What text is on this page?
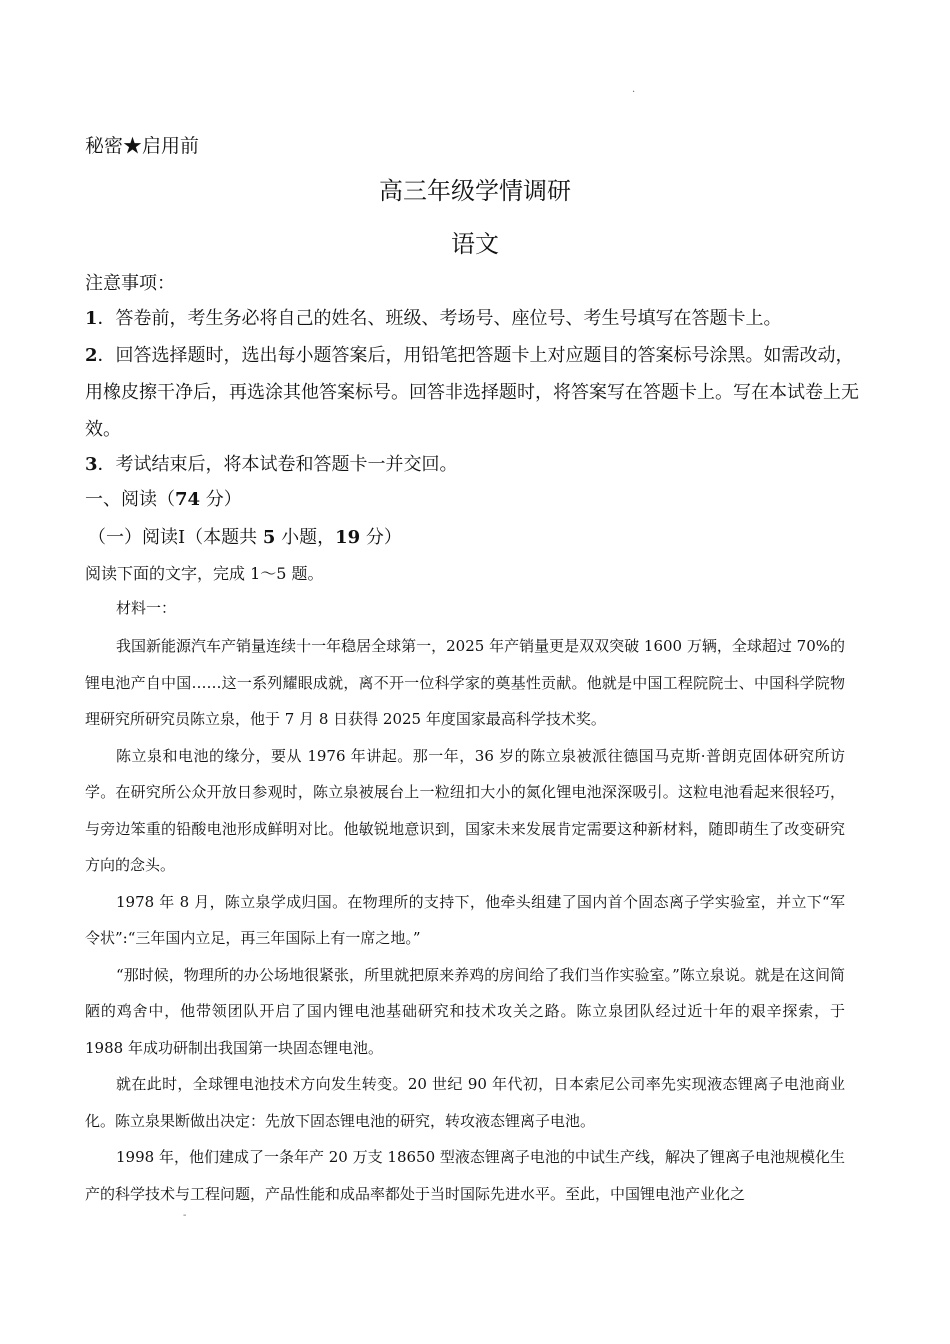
.
秘密★启用前
高三年级学情调研
语文
注意事项：
1．答卷前，考生务必将自己的姓名、班级、考场号、座位号、考生号填写在答题卡上。
2．回答选择题时，选出每小题答案后，用铅笔把答题卡上对应题目的答案标号涂黑。如需改动，用橡皮擦干净后，再选涂其他答案标号。回答非选择题时，将答案写在答题卡上。写在本试卷上无效。
3．考试结束后，将本试卷和答题卡一并交回。
一、阅读（74 分）
（一）阅读Ⅰ（本题共 5 小题，19 分）
阅读下面的文字，完成 1～5 题。
材料一：

我国新能源汽车产销量连续十一年稳居全球第一，2025 年产销量更是双双突破 1600 万辆，全球超过 70%的锂电池产自中国……这一系列耀眼成就，离不开一位科学家的奠基性贡献。他就是中国工程院院士、中国科学院物理研究所研究员陈立泉，他于 7 月 8 日获得 2025 年度国家最高科学技术奖。

陈立泉和电池的缘分，要从 1976 年讲起。那一年，36 岁的陈立泉被派往德国马克斯·普朗克固体研究所访学。在研究所公众开放日参观时，陈立泉被展台上一粒纽扣大小的氮化锂电池深深吸引。这粒电池看起来很轻巧，与旁边笨重的铅酸电池形成鲜明对比。他敏锐地意识到，国家未来发展肯定需要这种新材料，随即萌生了改变研究方向的念头。

1978 年 8 月，陈立泉学成归国。在物理所的支持下，他牵头组建了国内首个固态离子学实验室，并立下“军令状”:“三年国内立足，再三年国际上有一席之地。”

“那时候，物理所的办公场地很紧张，所里就把原来养鸡的房间给了我们当作实验室。”陈立泉说。就是在这间简陋的鸡舍中，他带领团队开启了国内锂电池基础研究和技术攻关之路。陈立泉团队经过近十年的艰辛探索，于 1988 年成功研制出我国第一块固态锂电池。

就在此时，全球锂电池技术方向发生转变。20 世纪 90 年代初，日本索尼公司率先实现液态锂离子电池商业化。陈立泉果断做出决定：先放下固态锂电池的研究，转攻液态锂离子电池。

1998 年，他们建成了一条年产 20 万支 18650 型液态锂离子电池的中试生产线，解决了锂离子电池规模化生产的科学技术与工程问题，产品性能和成品率都处于当时国际先进水平。至此，中国锂电池产业化之

-
